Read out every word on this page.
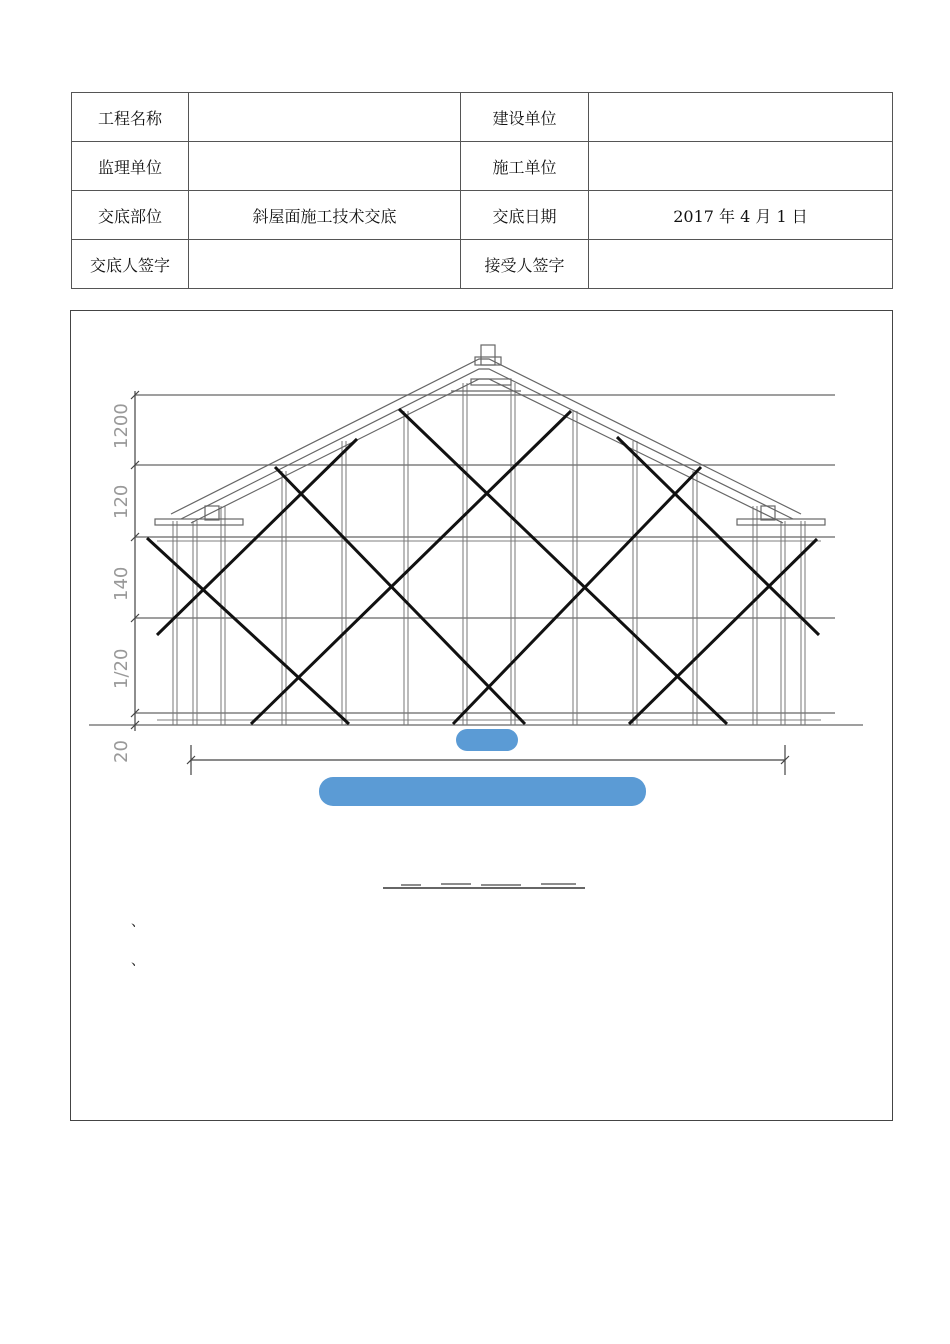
工程名称		建设单位	
监理单位		施工单位	
交底部位	斜屋面施工技术交底	交底日期	2017 年 4 月 1 日
交底人签字		接受人签字	
1200
120
140
1/20
20
、
、
